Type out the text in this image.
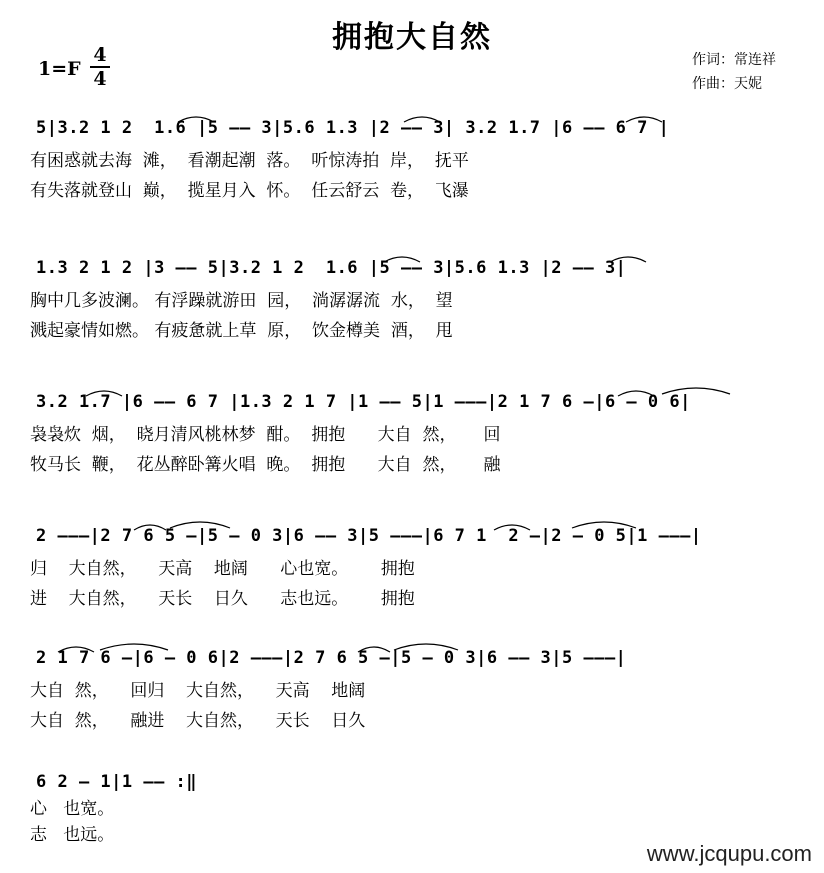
拥抱大自然
1=F
4
4
作词：常连祥
作曲：天妮
5|3.2 1 2  1.6 |5 —— 3|5.6 1.3 |2 —— 3| 3.2 1.7 |6 —— 6 7 |
有困惑就去海  滩，  看潮起潮  落。  听惊涛拍  岸，  抚平
有失落就登山  巅，  揽星月入  怀。  任云舒云  卷，  飞瀑
1.3 2 1 2 |3 —— 5|3.2 1 2  1.6 |5 —— 3|5.6 1.3 |2 —— 3|
胸中几多波澜。 有浮躁就游田  园，  淌潺潺流  水，  望
溅起豪情如燃。 有疲惫就上草  原，  饮金樽美  酒，  甩
3.2 1.7 |6 —— 6 7 |1.3 2 1 7 |1 —— 5|1 ———|2 1 7 6 —|6 — 0 6|
袅袅炊  烟，  晓月清风桃林梦  酣。  拥抱      大自  然，     回
牧马长  鞭，  花丛醉卧篝火唱  晚。  拥抱      大自  然，     融
2 ———|2 7 6 5 —|5 — 0 3|6 —— 3|5 ———|6 7 1  2 —|2 — 0 5|1 ———|
归    大自然，    天高    地阔      心也宽。      拥抱
进    大自然，    天长    日久      志也远。      拥抱
2 1 7 6 —|6 — 0 6|2 ———|2 7 6 5 —|5 — 0 3|6 —— 3|5 ———|
大自  然，    回归    大自然，    天高    地阔
大自  然，    融进    大自然，    天长    日久
6 2 — 1|1 —— :‖
心   也宽。
志   也远。
www.jcqupu.com
